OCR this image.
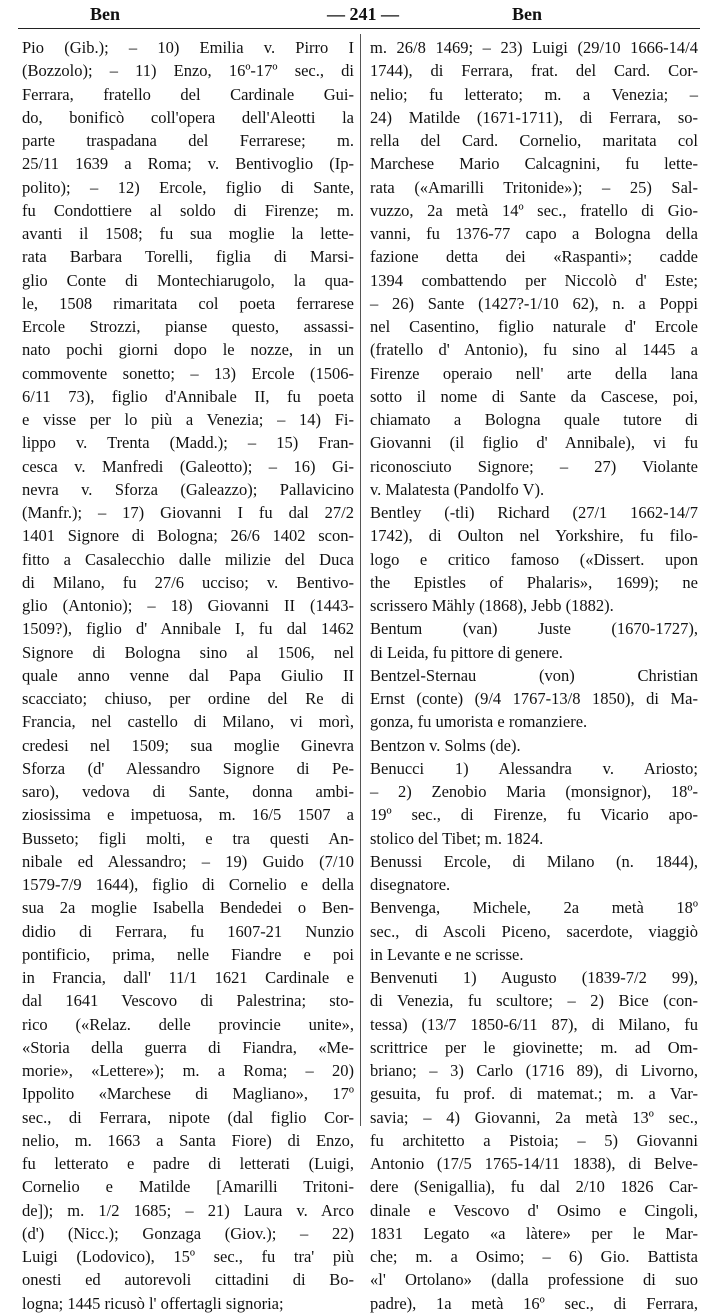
Ben	— 241 —	Ben
Pio (Gib.); – 10) Emilia v. Pirro I
(Bozzolo); – 11) Enzo, 16º-17º sec., di
Ferrara, fratello del Cardinale Gui-
do, bonificò coll'opera dell'Aleotti la
parte traspadana del Ferrarese; m.
25/11 1639 a Roma; v. Bentivoglio (Ip-
polito); – 12) Ercole, figlio di Sante,
fu Condottiere al soldo di Firenze; m.
avanti il 1508; fu sua moglie la lette-
rata Barbara Torelli, figlia di Marsi-
glio Conte di Montechiarugolo, la qua-
le, 1508 rimaritata col poeta ferrarese
Ercole Strozzi, pianse questo, assassi-
nato pochi giorni dopo le nozze, in un
commovente sonetto; – 13) Ercole (1506-
6/11 73), figlio d'Annibale II, fu poeta
e visse per lo più a Venezia; – 14) Fi-
lippo v. Trenta (Madd.); – 15) Fran-
cesca v. Manfredi (Galeotto); – 16) Gi-
nevra v. Sforza (Galeazzo); Pallavicino
(Manfr.); – 17) Giovanni I fu dal 27/2
1401 Signore di Bologna; 26/6 1402 scon-
fitto a Casalecchio dalle milizie del Duca
di Milano, fu 27/6 ucciso; v. Bentivo-
glio (Antonio); – 18) Giovanni II (1443-
1509?), figlio d' Annibale I, fu dal 1462
Signore di Bologna sino al 1506, nel
quale anno venne dal Papa Giulio II
scacciato; chiuso, per ordine del Re di
Francia, nel castello di Milano, vi morì,
credesi nel 1509; sua moglie Ginevra
Sforza (d' Alessandro Signore di Pe-
saro), vedova di Sante, donna ambi-
ziosissima e impetuosa, m. 16/5 1507 a
Busseto; figli molti, e tra questi An-
nibale ed Alessandro; – 19) Guido (7/10
1579-7/9 1644), figlio di Cornelio e della
sua 2a moglie Isabella Bendedei o Ben-
didio di Ferrara, fu 1607-21 Nunzio
pontificio, prima, nelle Fiandre e poi
in Francia, dall' 11/1 1621 Cardinale e
dal 1641 Vescovo di Palestrina; sto-
rico («Relaz. delle provincie unite»,
«Storia della guerra di Fiandra, «Me-
morie», «Lettere»); m. a Roma; – 20)
Ippolito «Marchese di Magliano», 17º
sec., di Ferrara, nipote (dal figlio Cor-
nelio, m. 1663 a Santa Fiore) di Enzo,
fu letterato e padre di letterati (Luigi,
Cornelio e Matilde [Amarilli Tritoni-
de]); m. 1/2 1685; – 21) Laura v. Arco
(d') (Nicc.); Gonzaga (Giov.); – 22)
Luigi (Lodovico), 15º sec., fu tra' più
onesti ed autorevoli cittadini di Bo-
logna; 1445 ricusò l' offertagli signoria;
m. 26/8 1469; – 23) Luigi (29/10 1666-14/4
1744), di Ferrara, frat. del Card. Cor-
nelio; fu letterato; m. a Venezia; –
24) Matilde (1671-1711), di Ferrara, so-
rella del Card. Cornelio, maritata col
Marchese Mario Calcagnini, fu lette-
rata («Amarilli Tritonide»); – 25) Sal-
vuzzo, 2a metà 14º sec., fratello di Gio-
vanni, fu 1376-77 capo a Bologna della
fazione detta dei «Raspanti»; cadde
1394 combattendo per Niccolò d' Este;
– 26) Sante (1427?-1/10 62), n. a Poppi
nel Casentino, figlio naturale d' Ercole
(fratello d' Antonio), fu sino al 1445 a
Firenze operaio nell' arte della lana
sotto il nome di Sante da Cascese, poi,
chiamato a Bologna quale tutore di
Giovanni (il figlio d' Annibale), vi fu
riconosciuto Signore; – 27) Violante
v. Malatesta (Pandolfo V).
Bentley (-tli) Richard (27/1 1662-14/7
1742), di Oulton nel Yorkshire, fu filo-
logo e critico famoso («Dissert. upon
the Epistles of Phalaris», 1699); ne
scrissero Mähly (1868), Jebb (1882).
Bentum (van) Juste (1670-1727),
di Leida, fu pittore di genere.
Bentzel-Sternau (von) Christian
Ernst (conte) (9/4 1767-13/8 1850), di Ma-
gonza, fu umorista e romanziere.
Bentzon v. Solms (de).
Benucci 1) Alessandra v. Ariosto;
– 2) Zenobio Maria (monsignor), 18º-
19º sec., di Firenze, fu Vicario apo-
stolico del Tibet; m. 1824.
Benussi Ercole, di Milano (n. 1844),
disegnatore.
Benvenga, Michele, 2a metà 18º
sec., di Ascoli Piceno, sacerdote, viaggiò
in Levante e ne scrisse.
Benvenuti 1) Augusto (1839-7/2 99),
di Venezia, fu scultore; – 2) Bice (con-
tessa) (13/7 1850-6/11 87), di Milano, fu
scrittrice per le giovinette; m. ad Om-
briano; – 3) Carlo (1716 89), di Livorno,
gesuita, fu prof. di matemat.; m. a Var-
savia; – 4) Giovanni, 2a metà 13º sec.,
fu architetto a Pistoia; – 5) Giovanni
Antonio (17/5 1765-14/11 1838), di Belve-
dere (Senigallia), fu dal 2/10 1826 Car-
dinale e Vescovo d' Osimo e Cingoli,
1831 Legato «a làtere» per le Mar-
che; m. a Osimo; – 6) Gio. Battista
«l' Ortolano» (dalla professione di suo
padre), 1a metà 16º sec., di Ferrara,
